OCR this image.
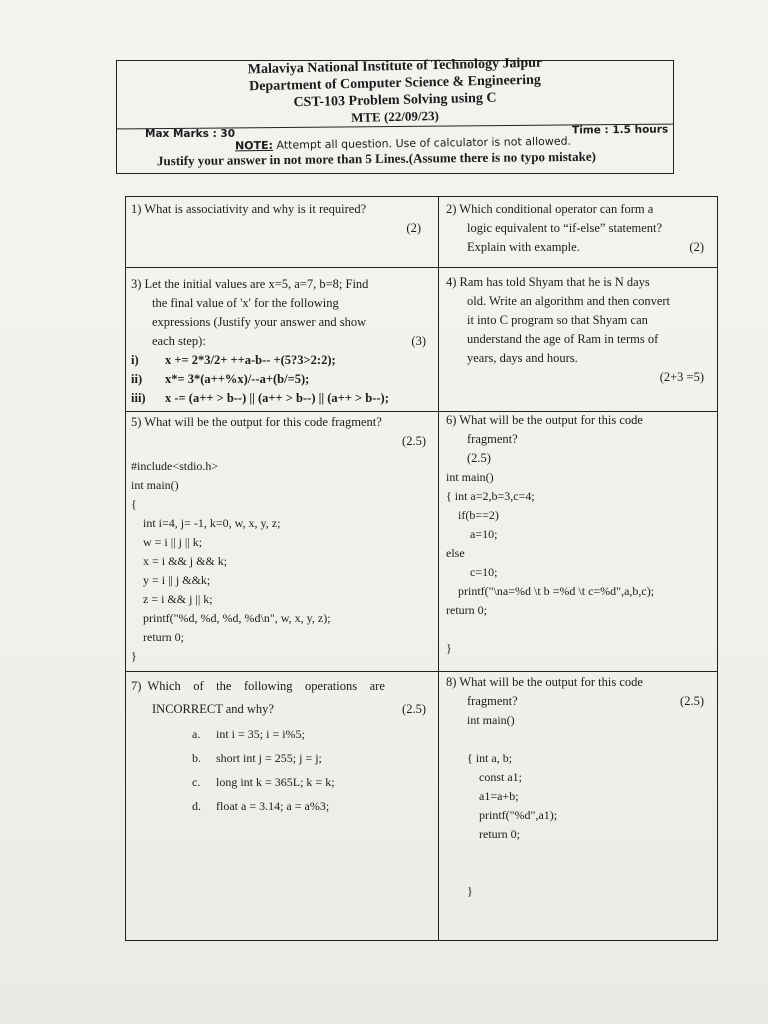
Malaviya National Institute of Technology Jaipur
Department of Computer Science & Engineering
CST-103 Problem Solving using C
MTE (22/09/23)
Max Marks : 30	Time : 1.5 hours
NOTE: Attempt all question. Use of calculator is not allowed.
Justify your answer in not more than 5 Lines.(Assume there is no typo mistake)
1) What is associativity and why is it required?
(2)
2) Which conditional operator can form a

logic equivalent to “if-else” statement?
Explain with example.	(2)
3) Let the initial values are x=5, a=7, b=8; Find

the final value of 'x' for the following
expressions (Justify your answer and show
each step):	(3)
i) x += 2*3/2+ ++a-b-- +(5?3>2:2);
ii) x*= 3*(a++%x)/--a+(b/=5);
iii) x -= (a++ > b--) || (a++ > b--) || (a++ > b--);
4) Ram has told Shyam that he is N days

old. Write an algorithm and then convert
it into C program so that Shyam can
understand the age of Ram in terms of
years, days and hours.
(2+3 =5)
5) What will be the output for this code fragment?
(2.5)
#include<stdio.h>
int main()
{
int i=4, j= -1, k=0, w, x, y, z;
w = i || j || k;
x = i && j && k;
y = i || j &&k;
z = i && j || k;
printf("%d, %d, %d, %d\n", w, x, y, z);
return 0;
}
6) What will be the output for this code

fragment?
(2.5)
int main()
{ int a=2,b=3,c=4;
if(b==2)
a=10;
else
c=10;
printf("\na=%d \t b =%d \t c=%d",a,b,c);
return 0;

}
7)  Which    of    the    following    operations    are

INCORRECT and why?	(2.5)
a. int i = 35; i = i%5;
b. short int j = 255; j = j;
c. long int k = 365L; k = k;
d. float a = 3.14; a = a%3;
8) What will be the output for this code

fragment?	(2.5)
int main()

{ int a, b;
const a1;
a1=a+b;
printf("%d",a1);
return 0;

}
